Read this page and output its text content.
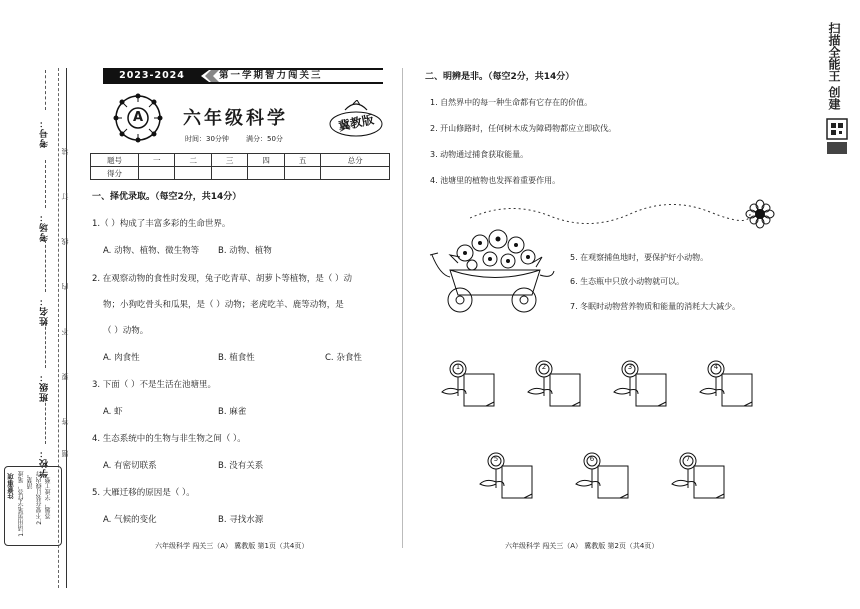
考号：
考场：
姓名：
班级：
学校：
装
订
线
内
不
要
答
题
注意事项 1.请用黑笔字作答，笔迹 清楚。 2.不要在装订线内作 答题，字迹工整。
2023-2024	第一学期智力闯关三
A 六年级科学	冀教版
时间：30分钟 满分：50分
题号	一	二	三	四	五	总分
得分						
一、择优录取。（每空2分，共14分）
1.（ ）构成了丰富多彩的生命世界。
A. 动物、植物、微生物等 B. 动物、植物
2. 在观察动物的食性时发现，兔子吃青草、胡萝卜等植物，是（ ）动
物；小狗吃骨头和瓜果，是（ ）动物；老虎吃羊、鹿等动物，是
（ ）动物。
A. 肉食性	B. 植食性	C. 杂食性
3. 下面（ ）不是生活在池塘里。
A. 虾	B. 麻雀
4. 生态系统中的生物与非生物之间（ ）。
A. 有密切联系	B. 没有关系
5. 大雁迁移的原因是（ ）。
A. 气候的变化	B. 寻找水源
六年级科学 闯关三（A） 冀教版 第1页（共4页）
二、明辨是非。（每空2分，共14分）
1. 自然界中的每一种生命都有它存在的价值。
2. 开山修路时，任何树木成为障碍物都应立即砍伐。
3. 动物通过捕食获取能量。
4. 池塘里的植物也发挥着重要作用。
5. 在观察捕鱼地时，要保护好小动物。
6. 生态瓶中只放小动物就可以。
7. 冬眠时动物营养物质和能量的消耗大大减少。
1	2	3	4
5	6	7
六年级科学 闯关三（A） 冀教版 第2页（共4页）
扫描全能王 创建
